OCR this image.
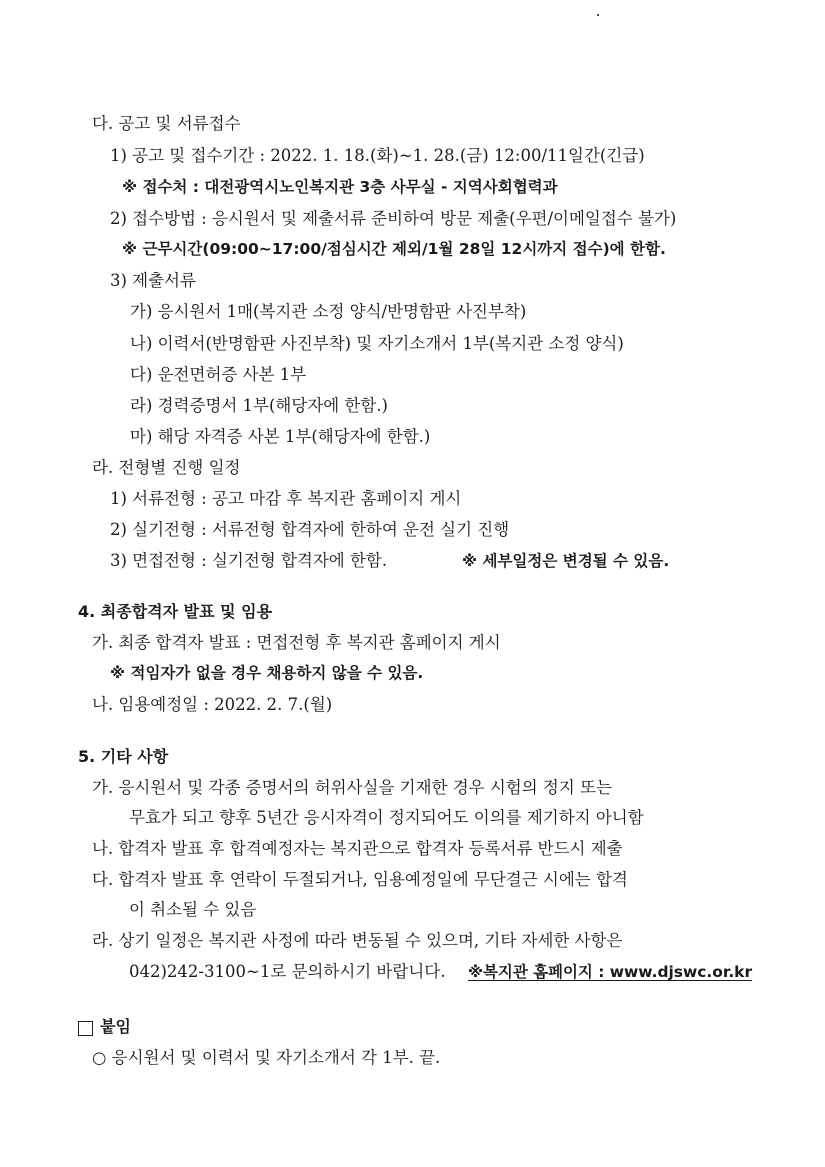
다. 공고 및 서류접수
1) 공고 및 접수기간 : 2022. 1. 18.(화)~1. 28.(금) 12:00/11일간(긴급)
※ 접수처 : 대전광역시노인복지관 3층 사무실 - 지역사회협력과
2) 접수방법 : 응시원서 및 제출서류 준비하여 방문 제출(우편/이메일접수 불가)
※ 근무시간(09:00~17:00/점심시간 제외/1월 28일 12시까지 접수)에 한함.
3) 제출서류
가) 응시원서 1매(복지관 소정 양식/반명함판 사진부착)
나) 이력서(반명함판 사진부착) 및 자기소개서 1부(복지관 소정 양식)
다) 운전면허증 사본 1부
라) 경력증명서 1부(해당자에 한함.)
마) 해당 자격증 사본 1부(해당자에 한함.)
라. 전형별 진행 일정
1) 서류전형 : 공고 마감 후 복지관 홈페이지 게시
2) 실기전형 : 서류전형 합격자에 한하여 운전 실기 진행
3) 면접전형 : 실기전형 합격자에 한함.	※ 세부일정은 변경될 수 있음.
4. 최종합격자 발표 및 임용
가. 최종 합격자 발표 : 면접전형 후 복지관 홈페이지 게시
※ 적임자가 없을 경우 채용하지 않을 수 있음.
나. 임용예정일 : 2022. 2. 7.(월)
5. 기타 사항
가. 응시원서 및 각종 증명서의 허위사실을 기재한 경우 시험의 정지 또는
무효가 되고 향후 5년간 응시자격이 정지되어도 이의를 제기하지 아니함
나. 합격자 발표 후 합격예정자는 복지관으로 합격자 등록서류 반드시 제출
다. 합격자 발표 후 연락이 두절되거나, 임용예정일에 무단결근 시에는 합격
이 취소될 수 있음
라. 상기 일정은 복지관 사정에 따라 변동될 수 있으며, 기타 자세한 사항은
042)242-3100~1로 문의하시기 바랍니다. ※복지관 홈페이지 : www.djswc.or.kr
붙임
○ 응시원서 및 이력서 및 자기소개서 각 1부. 끝.
